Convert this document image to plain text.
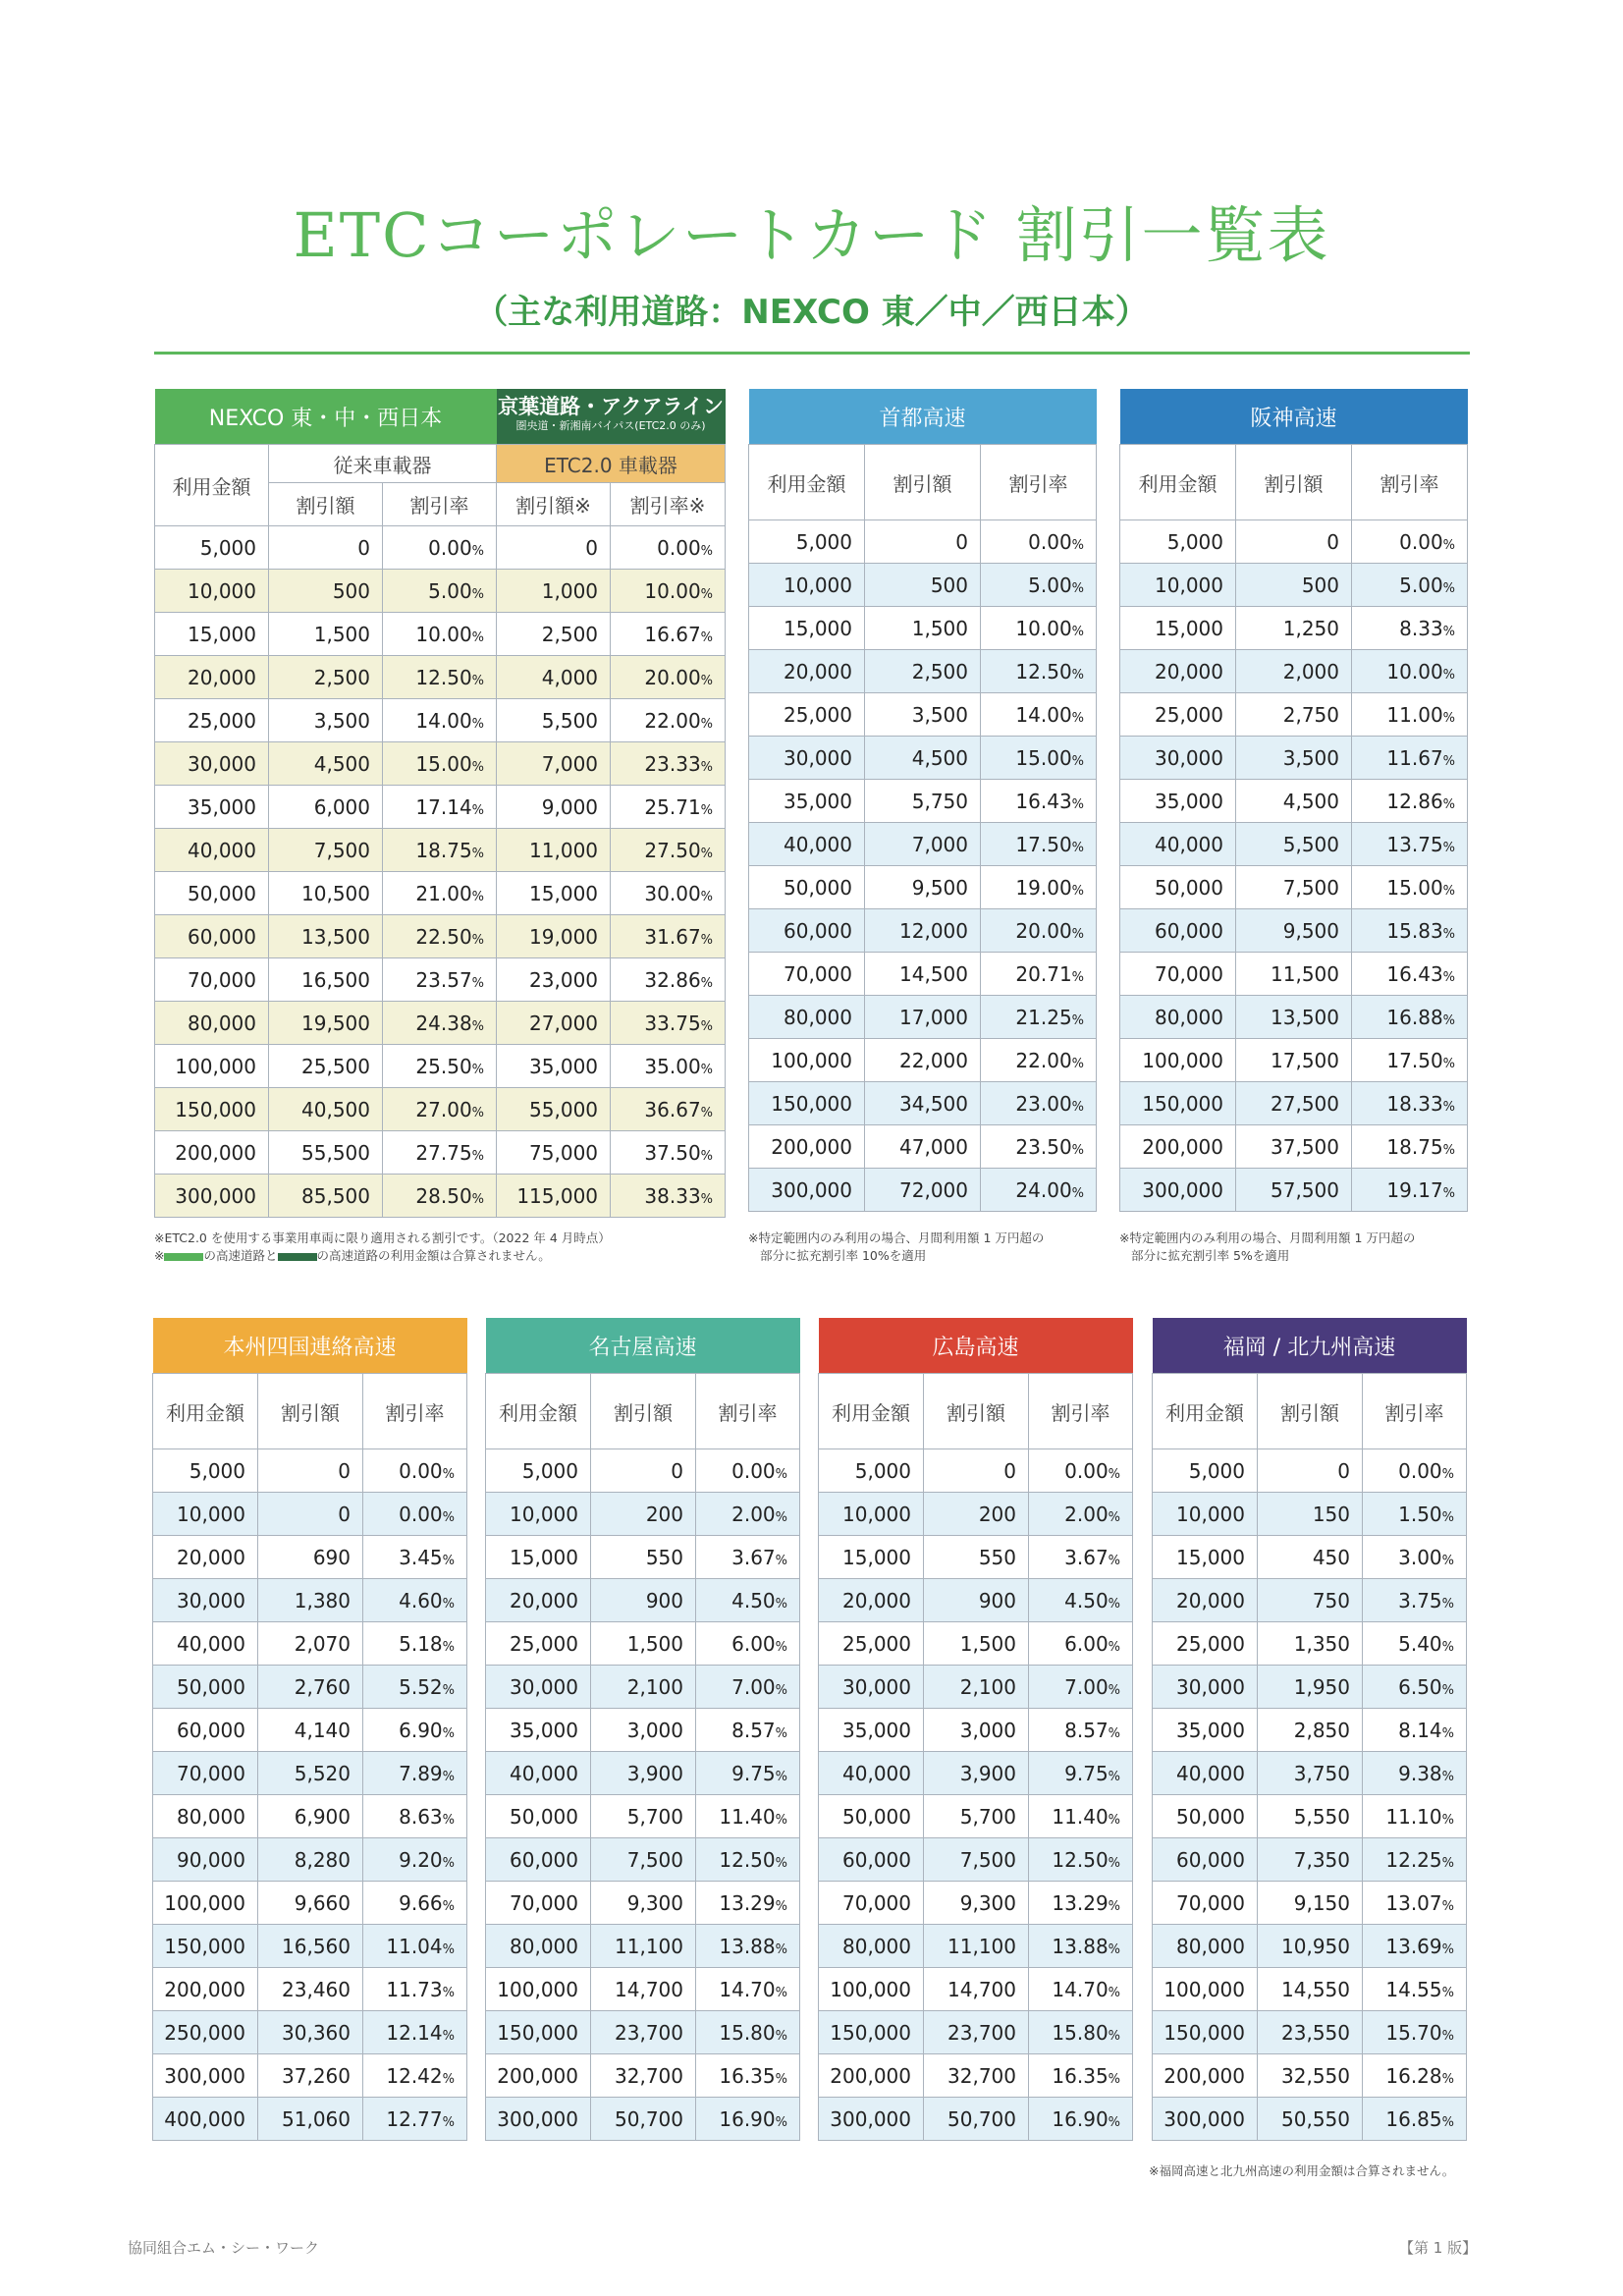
ETCコーポレートカード 割引一覧表
（主な利用道路：NEXCO 東／中／西日本）
NEXCO 東・中・西日本			京葉道路・アクアライン
圏央道・新湘南バイパス(ETC2.0 のみ)	

利用金額	従来車載器		ETC2.0 車載器	
	割引額	割引率	割引額※	割引率※
5,000	0	0.00 %	0	0.00 %
10,000	500	5.00 %	1,000	10.00 %
15,000	1,500	10.00 %	2,500	16.67 %
20,000	2,500	12.50 %	4,000	20.00 %
25,000	3,500	14.00 %	5,500	22.00 %
30,000	4,500	15.00 %	7,000	23.33 %
35,000	6,000	17.14 %	9,000	25.71 %
40,000	7,500	18.75 %	11,000	27.50 %
50,000	10,500	21.00 %	15,000	30.00 %
60,000	13,500	22.50 %	19,000	31.67 %
70,000	16,500	23.57 %	23,000	32.86 %
80,000	19,500	24.38 %	27,000	33.75 %
100,000	25,500	25.50 %	35,000	35.00 %
150,000	40,500	27.00 %	55,000	36.67 %
200,000	55,500	27.75 %	75,000	37.50 %
300,000	85,500	28.50 %	115,000	38.33 %
※ETC2.0 を使用する事業用車両に限り適用される割引です。（2022 年 4 月時点）
※	の高速道路と	の高速道路の利用金額は合算されません。
首都高速		
利用金額	割引額	割引率
5,000	0	0.00 %
10,000	500	5.00 %
15,000	1,500	10.00 %
20,000	2,500	12.50 %
25,000	3,500	14.00 %
30,000	4,500	15.00 %
35,000	5,750	16.43 %
40,000	7,000	17.50 %
50,000	9,500	19.00 %
60,000	12,000	20.00 %
70,000	14,500	20.71 %
80,000	17,000	21.25 %
100,000	22,000	22.00 %
150,000	34,500	23.00 %
200,000	47,000	23.50 %
300,000	72,000	24.00 %
※特定範囲内のみ利用の場合、月間利用額 1 万円超の
部分に拡充割引率 10%を適用
阪神高速		
利用金額	割引額	割引率
5,000	0	0.00 %
10,000	500	5.00 %
15,000	1,250	8.33 %
20,000	2,000	10.00 %
25,000	2,750	11.00 %
30,000	3,500	11.67 %
35,000	4,500	12.86 %
40,000	5,500	13.75 %
50,000	7,500	15.00 %
60,000	9,500	15.83 %
70,000	11,500	16.43 %
80,000	13,500	16.88 %
100,000	17,500	17.50 %
150,000	27,500	18.33 %
200,000	37,500	18.75 %
300,000	57,500	19.17 %
※特定範囲内のみ利用の場合、月間利用額 1 万円超の
部分に拡充割引率 5%を適用
本州四国連絡高速		
利用金額	割引額	割引率
5,000	0	0.00 %
10,000	0	0.00 %
20,000	690	3.45 %
30,000	1,380	4.60 %
40,000	2,070	5.18 %
50,000	2,760	5.52 %
60,000	4,140	6.90 %
70,000	5,520	7.89 %
80,000	6,900	8.63 %
90,000	8,280	9.20 %
100,000	9,660	9.66 %
150,000	16,560	11.04 %
200,000	23,460	11.73 %
250,000	30,360	12.14 %
300,000	37,260	12.42 %
400,000	51,060	12.77 %
名古屋高速		
利用金額	割引額	割引率
5,000	0	0.00 %
10,000	200	2.00 %
15,000	550	3.67 %
20,000	900	4.50 %
25,000	1,500	6.00 %
30,000	2,100	7.00 %
35,000	3,000	8.57 %
40,000	3,900	9.75 %
50,000	5,700	11.40 %
60,000	7,500	12.50 %
70,000	9,300	13.29 %
80,000	11,100	13.88 %
100,000	14,700	14.70 %
150,000	23,700	15.80 %
200,000	32,700	16.35 %
300,000	50,700	16.90 %
広島高速		
利用金額	割引額	割引率
5,000	0	0.00 %
10,000	200	2.00 %
15,000	550	3.67 %
20,000	900	4.50 %
25,000	1,500	6.00 %
30,000	2,100	7.00 %
35,000	3,000	8.57 %
40,000	3,900	9.75 %
50,000	5,700	11.40 %
60,000	7,500	12.50 %
70,000	9,300	13.29 %
80,000	11,100	13.88 %
100,000	14,700	14.70 %
150,000	23,700	15.80 %
200,000	32,700	16.35 %
300,000	50,700	16.90 %
福岡 / 北九州高速		
利用金額	割引額	割引率
5,000	0	0.00 %
10,000	150	1.50 %
15,000	450	3.00 %
20,000	750	3.75 %
25,000	1,350	5.40 %
30,000	1,950	6.50 %
35,000	2,850	8.14 %
40,000	3,750	9.38 %
50,000	5,550	11.10 %
60,000	7,350	12.25 %
70,000	9,150	13.07 %
80,000	10,950	13.69 %
100,000	14,550	14.55 %
150,000	23,550	15.70 %
200,000	32,550	16.28 %
300,000	50,550	16.85 %
※福岡高速と北九州高速の利用金額は合算されません。
協同組合エム・シー・ワーク	【第 1 版】
